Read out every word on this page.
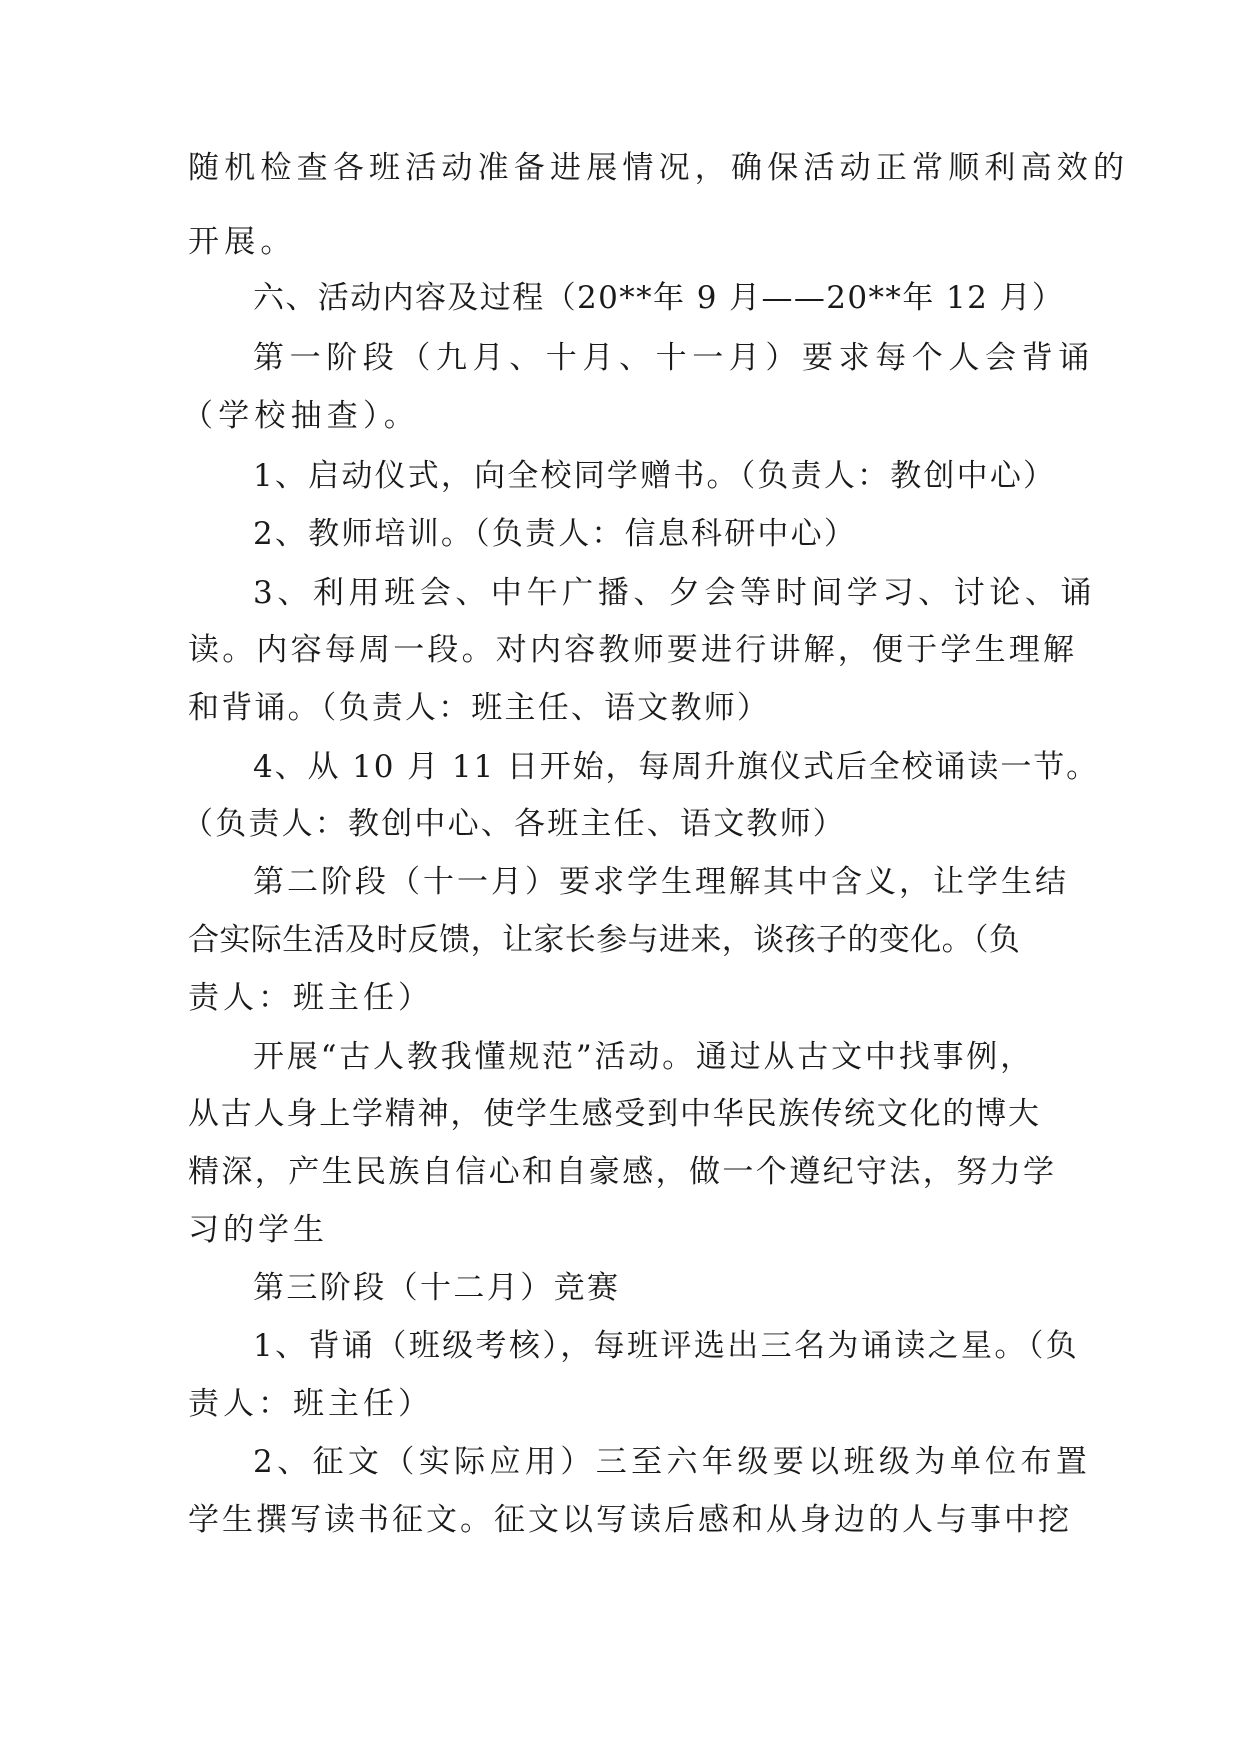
随机检查各班活动准备进展情况，确保活动正常顺利高效的
开展。
六、活动内容及过程（20**年 9 月——20**年 12 月）
第一阶段（九月、十月、十一月）要求每个人会背诵
（学校抽查）。
1、启动仪式，向全校同学赠书。（负责人：教创中心）
2、教师培训。（负责人：信息科研中心）
3、利用班会、中午广播、夕会等时间学习、讨论、诵
读。内容每周一段。对内容教师要进行讲解，便于学生理解
和背诵。（负责人：班主任、语文教师）
4、从 10 月 11 日开始，每周升旗仪式后全校诵读一节。
（负责人：教创中心、各班主任、语文教师）
第二阶段（十一月）要求学生理解其中含义，让学生结
合实际生活及时反馈，让家长参与进来，谈孩子的变化。（负
责人：班主任）
开展“古人教我懂规范”活动。通过从古文中找事例，
从古人身上学精神，使学生感受到中华民族传统文化的博大
精深，产生民族自信心和自豪感，做一个遵纪守法，努力学
习的学生
第三阶段（十二月）竞赛
1、背诵（班级考核），每班评选出三名为诵读之星。（负
责人：班主任）
2、征文（实际应用）三至六年级要以班级为单位布置
学生撰写读书征文。征文以写读后感和从身边的人与事中挖
